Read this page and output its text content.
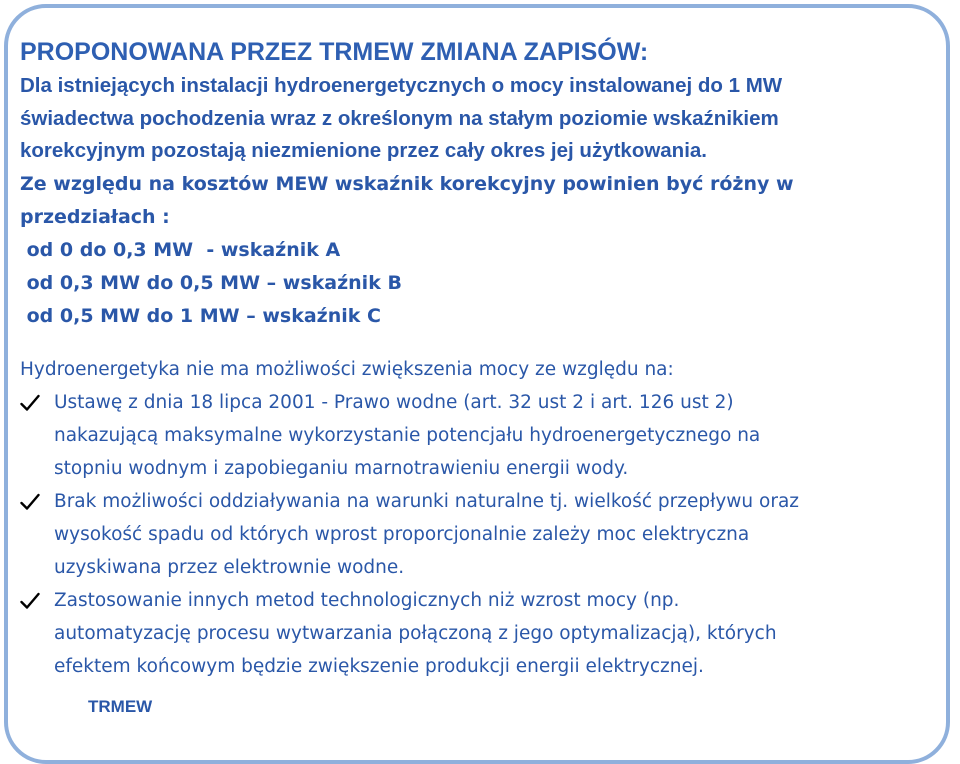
PROPONOWANA PRZEZ TRMEW ZMIANA ZAPISÓW:

Dla istniejących instalacji hydroenergetycznych o mocy instalowanej do 1 MW

świadectwa pochodzenia wraz z określonym na stałym poziomie wskaźnikiem

korekcyjnym pozostają niezmienione przez cały okres jej użytkowania.

Ze względu na kosztów MEW wskaźnik korekcyjny powinien być różny w

przedziałach :

od 0 do 0,3 MW  - wskaźnik A

od 0,3 MW do 0,5 MW – wskaźnik B

od 0,5 MW do 1 MW – wskaźnik C

Hydroenergetyka nie ma możliwości zwiększenia mocy ze względu na:

Ustawę z dnia 18 lipca 2001 - Prawo wodne (art. 32 ust 2 i art. 126 ust 2)
nakazującą maksymalne wykorzystanie potencjału hydroenergetycznego na
stopniu wodnym i zapobieganiu marnotrawieniu energii wody.
Brak możliwości oddziaływania na warunki naturalne tj. wielkość przepływu oraz
wysokość spadu od których wprost proporcjonalnie zależy moc elektryczna
uzyskiwana przez elektrownie wodne.
Zastosowanie innych metod technologicznych niż wzrost mocy (np.
automatyzację procesu wytwarzania połączoną z jego optymalizacją), których
efektem końcowym będzie zwiększenie produkcji energii elektrycznej.
TRMEW
